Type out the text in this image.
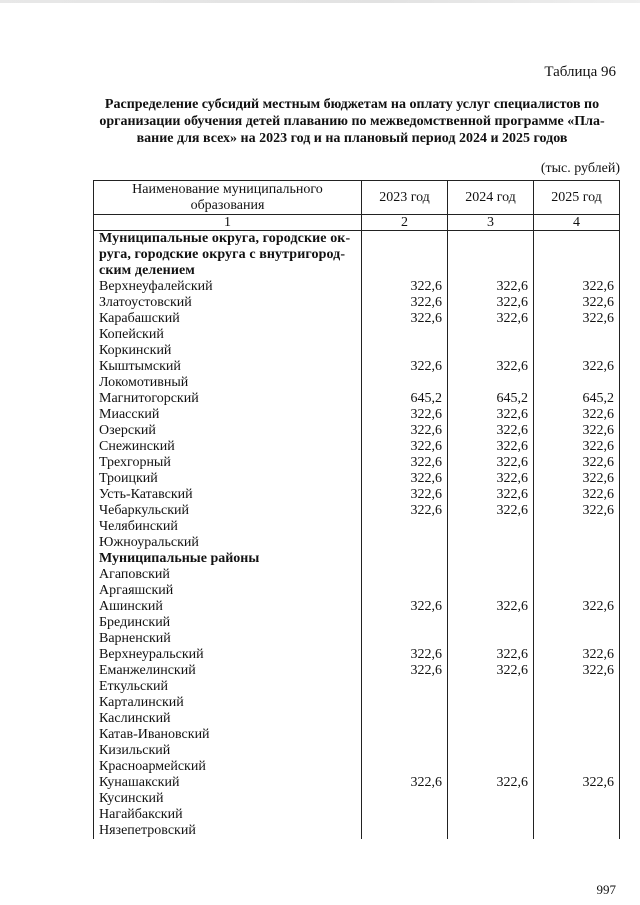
Таблица 96
Распределение субсидий местным бюджетам на оплату услуг специалистов по
организации обучения детей плаванию по межведомственной программе «Пла-
вание для всех» на 2023 год и на плановый период 2024 и 2025 годов
(тыс. рублей)
Наименование муниципального образования	2023 год	2024 год	2025 год
1	2	3	4

Муниципальные округа, городские ок-
руга, городские округа с внутригород-
ским делением			

Верхнеуфалейский	322,6	322,6	322,6
Златоустовский	322,6	322,6	322,6
Карабашский	322,6	322,6	322,6
Копейский			
Коркинский			
Кыштымский	322,6	322,6	322,6
Локомотивный			
Магнитогорский	645,2	645,2	645,2
Миасский	322,6	322,6	322,6
Озерский	322,6	322,6	322,6
Снежинский	322,6	322,6	322,6
Трехгорный	322,6	322,6	322,6
Троицкий	322,6	322,6	322,6
Усть-Катавский	322,6	322,6	322,6
Чебаркульский	322,6	322,6	322,6
Челябинский			
Южноуральский			
Муниципальные районы			
Агаповский			
Аргаяшский			
Ашинский	322,6	322,6	322,6
Брединский			
Варненский			
Верхнеуральский	322,6	322,6	322,6
Еманжелинский	322,6	322,6	322,6
Еткульский			
Карталинский			
Каслинский			
Катав-Ивановский			
Кизильский			
Красноармейский			
Кунашакский	322,6	322,6	322,6
Кусинский			
Нагайбакский			
Нязепетровский			
997
